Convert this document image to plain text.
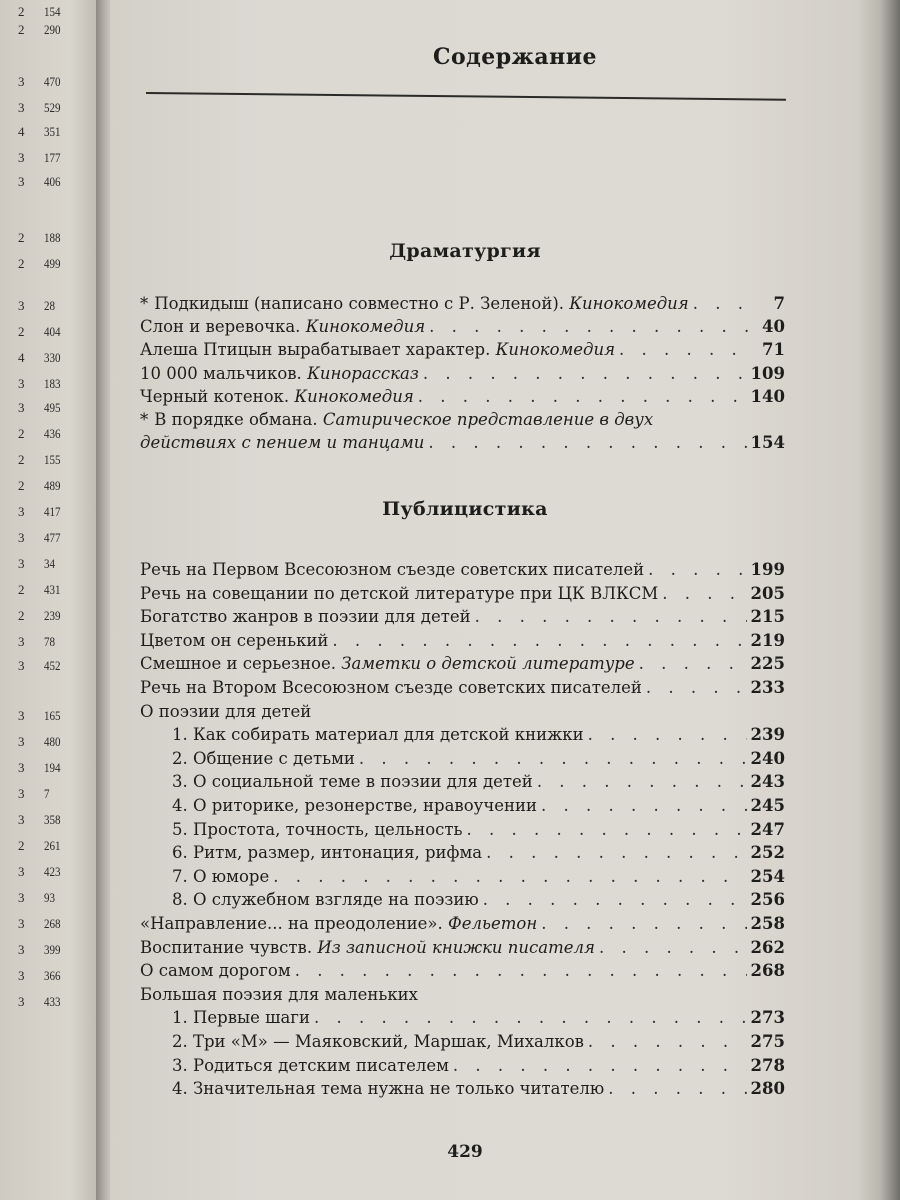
2 154
2 290
3 470
3 529
4 351
3 177
3 406
2 188
2 499
3 28
2 404
4 330
3 183
3 495
2 436
2 155
2 489
3 417
3 477
3 34
2 431
2 239
3 78
3 452
3 165
3 480
3 194
3 7
3 358
2 261
3 423
3 93
3 268
3 399
3 366
3 433
Содержание
Драматургия
* Подкидыш (написано совместно с Р. Зеленой). Кинокомедия . . .	7
Слон и веревочка. Кинокомедия . . .	40
Алеша Птицын вырабатывает характер. Кинокомедия . . .	71
10 000 мальчиков. Кинорассказ . . .	109
Черный котенок. Кинокомедия . . .	140
* В порядке обмана. Сатирическое представление в двух
действиях с пением и танцами . . .	154
Публицистика
Речь на Первом Всесоюзном съезде советских писателей . . .	199
Речь на совещании по детской литературе при ЦК ВЛКСМ . . .	205
Богатство жанров в поэзии для детей . . .	215
Цветом он серенький . . .	219
Смешное и серьезное. Заметки о детской литературе . . .	225
Речь на Втором Всесоюзном съезде советских писателей . . .	233
О поэзии для детей
1. Как собирать материал для детской книжки . . .	239
2. Общение с детьми . . .	240
3. О социальной теме в поэзии для детей . . .	243
4. О риторике, резонерстве, нравоучении . . .	245
5. Простота, точность, цельность . . .	247
6. Ритм, размер, интонация, рифма . . .	252
7. О юморе . . .	254
8. О служебном взгляде на поэзию . . .	256
«Направление... на преодоление». Фельетон . . .	258
Воспитание чувств. Из записной книжки писателя . . .	262
О самом дорогом . . .	268
Большая поэзия для маленьких
1. Первые шаги . . .	273
2. Три «М» — Маяковский, Маршак, Михалков . . .	275
3. Родиться детским писателем . . .	278
4. Значительная тема нужна не только читателю . . .	280
429
